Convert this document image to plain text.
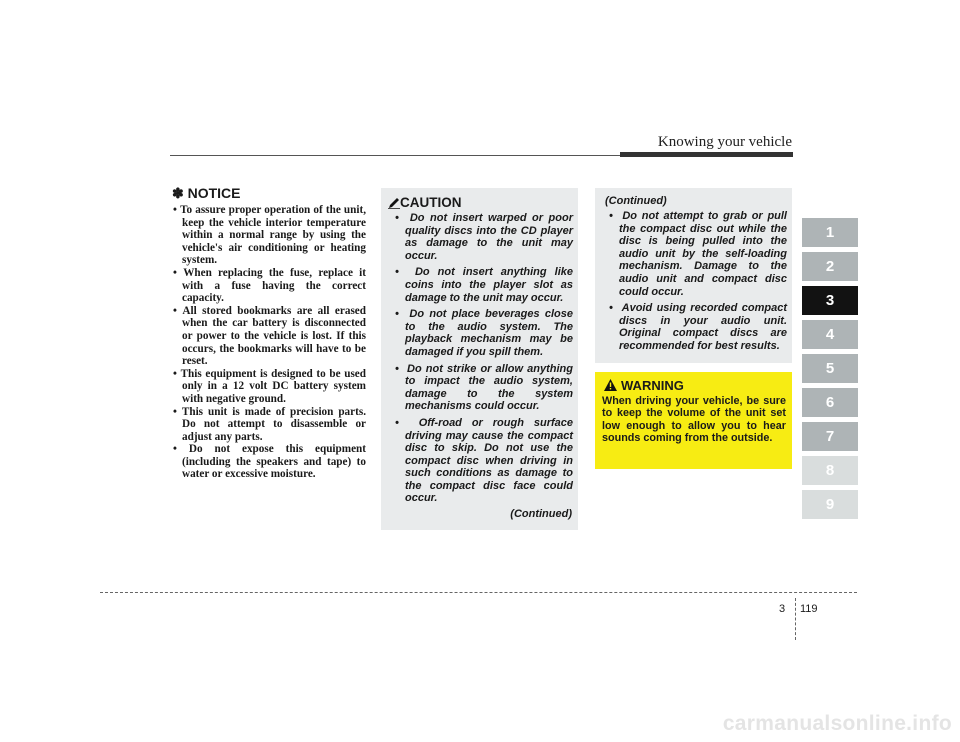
Knowing your vehicle
✽ NOTICE
• To assure proper operation of the unit, keep the vehicle interior temperature within a normal range by using the vehicle's air conditioning or heating system.
• When replacing the fuse, replace it with a fuse having the correct capacity.
• All stored bookmarks are all erased when the car battery is disconnected or power to the vehicle is lost. If this occurs, the bookmarks will have to be reset.
• This equipment is designed to be used only in a 12 volt DC battery system with negative ground.
• This unit is made of precision parts. Do not attempt to disassemble or adjust any parts.
• Do not expose this equipment (including the speakers and tape) to water or excessive moisture.
CAUTION
•  Do not insert warped or poor quality discs into the CD player as damage to the unit may occur.
•  Do not insert anything like coins into the player slot as damage to the unit may occur.
•  Do not place beverages close to the audio system. The playback mechanism may be damaged if you spill them.
•  Do not strike or allow anything to impact the audio system, damage to the system mechanisms could occur.
•  Off-road or rough surface driving may cause the compact disc to skip. Do not use the compact disc when driving in such conditions as damage to the compact disc face could occur.
(Continued)
(Continued)
•  Do not attempt to grab or pull the compact disc out while the disc is being pulled into the audio unit by the self-loading mechanism. Damage to the audio unit and compact disc could occur.
•  Avoid using recorded compact discs in your audio unit. Original compact discs are recommended for best results.
WARNING
When driving your vehicle, be sure to keep the volume of the unit set low enough to allow you to hear sounds coming from the outside.
1
2
3
4
5
6
7
8
9
3 119
carmanualsonline.info
